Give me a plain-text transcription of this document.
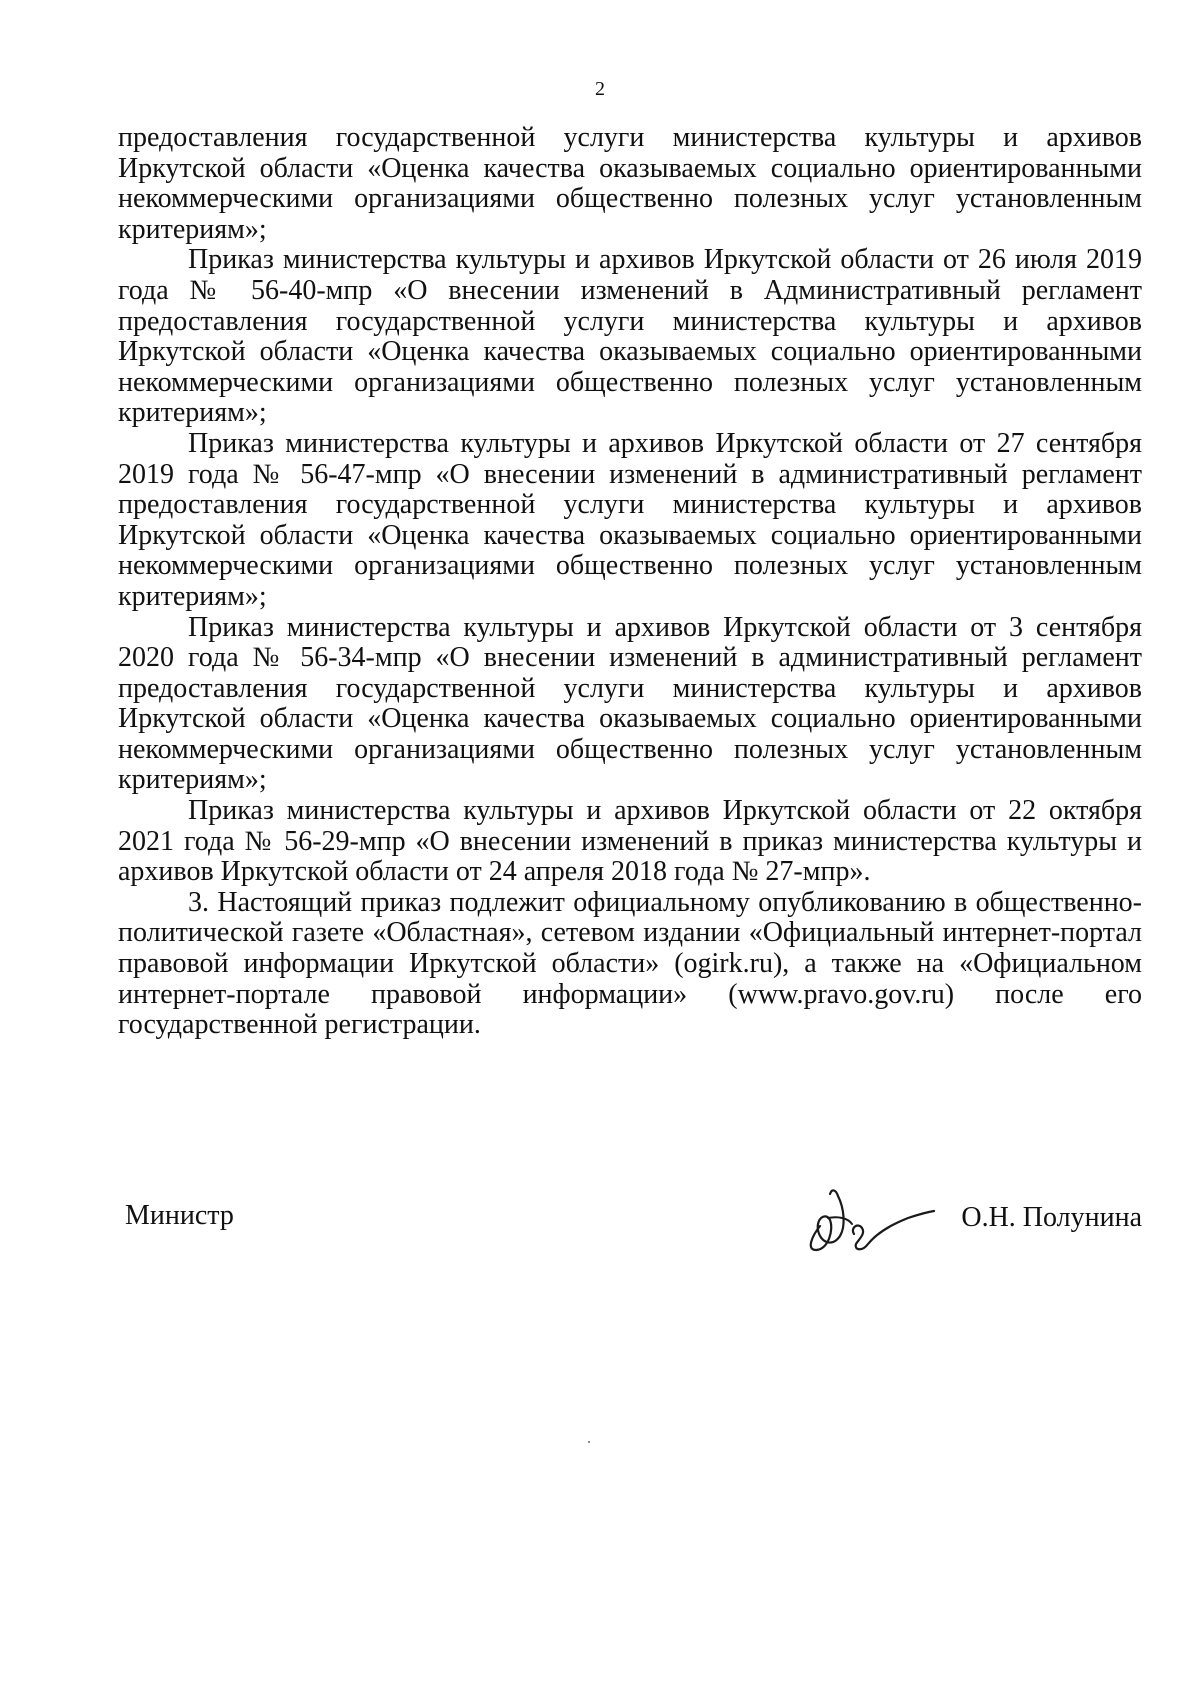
2

предоставления государственной услуги министерства культуры и архивов Иркутской области «Оценка качества оказываемых социально ориентированными некоммерческими организациями общественно полезных услуг установленным критериям»;

Приказ министерства культуры и архивов Иркутской области от 26 июля 2019 года № 56-40-мпр «О внесении изменений в Административный регламент предоставления государственной услуги министерства культуры и архивов Иркутской области «Оценка качества оказываемых социально ориентированными некоммерческими организациями общественно полезных услуг установленным критериям»;

Приказ министерства культуры и архивов Иркутской области от 27 сентября 2019 года № 56-47-мпр «О внесении изменений в административный регламент предоставления государственной услуги министерства культуры и архивов Иркутской области «Оценка качества оказываемых социально ориентированными некоммерческими организациями общественно полезных услуг установленным критериям»;

Приказ министерства культуры и архивов Иркутской области от 3 сентября 2020 года № 56-34-мпр «О внесении изменений в административный регламент предоставления государственной услуги министерства культуры и архивов Иркутской области «Оценка качества оказываемых социально ориентированными некоммерческими организациями общественно полезных услуг установленным критериям»;

Приказ министерства культуры и архивов Иркутской области от 22 октября 2021 года № 56-29-мпр «О внесении изменений в приказ министерства культуры и архивов Иркутской области от 24 апреля 2018 года № 27-мпр».

3. Настоящий приказ подлежит официальному опубликованию в общественно-политической газете «Областная», сетевом издании «Официальный интернет-портал правовой информации Иркутской области» (ogirk.ru), а также на «Официальном интернет-портале правовой информации» (www.pravo.gov.ru) после его государственной регистрации.

Министр	О.Н. Полунина
